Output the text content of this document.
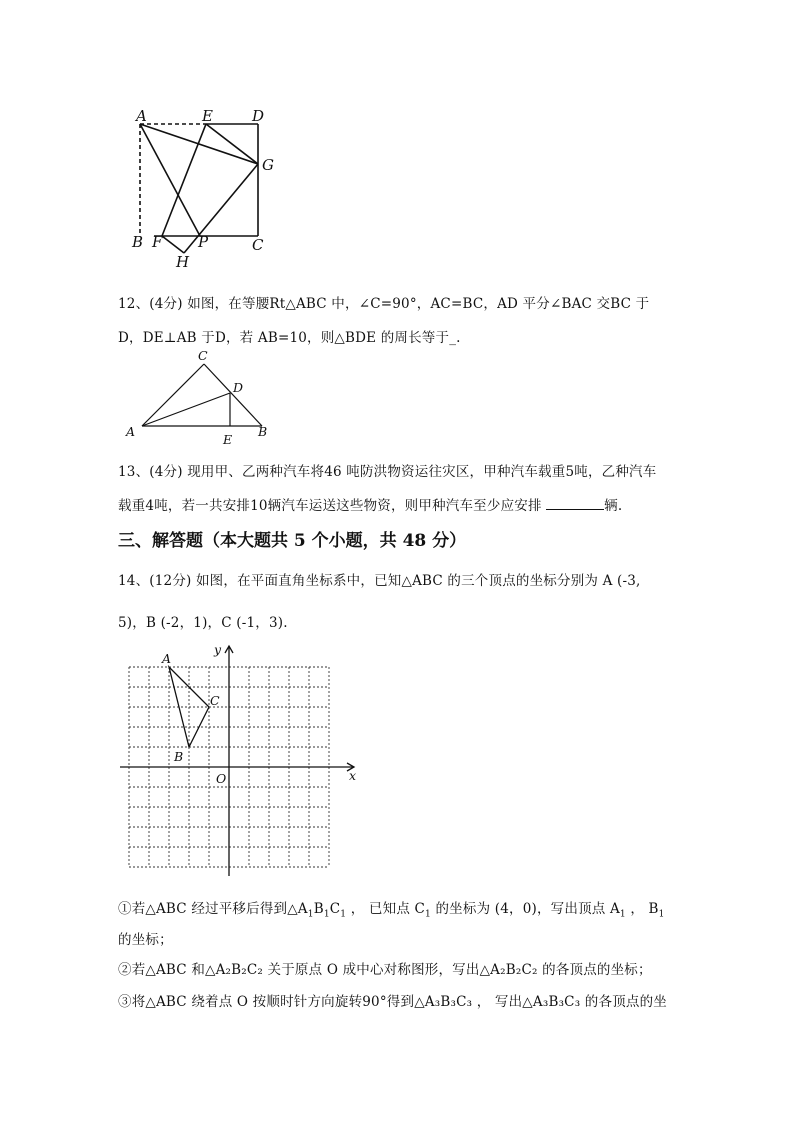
A	E	D
G
B F P	C
H
12、(4分) 如图，在等腰Rt△ABC 中，∠C=90°，AC=BC，AD 平分∠BAC 交BC 于
D，DE⊥AB 于D，若 AB=10，则△BDE 的周长等于_.
C
D
A
E
B
13、(4分) 现用甲、乙两种汽车将46 吨防洪物资运往灾区，甲种汽车载重5吨，乙种汽车
载重4吨，若一共安排10辆汽车运送这些物资，则甲种汽车至少应安排	辆.
三、解答题（本大题共 5 个小题，共 48 分）
14、(12分) 如图，在平面直角坐标系中，已知△ABC 的三个顶点的坐标分别为 A (-3,
5)，B (-2，1)，C (-1，3).
y
x
O
A
B
C
①若△ABC 经过平移后得到$\triangle A_1B_1C_1$ ， 已知点 $C_1$ 的坐标为 (4，0)，写出顶点 $A_1$ ， $B_1$
的坐标；
②若△ABC 和△A₂B₂C₂ 关于原点 O 成中心对称图形，写出△A₂B₂C₂ 的各顶点的坐标；
③将△ABC 绕着点 O 按顺时针方向旋转90°得到△A₃B₃C₃ ， 写出△A₃B₃C₃ 的各顶点的坐
